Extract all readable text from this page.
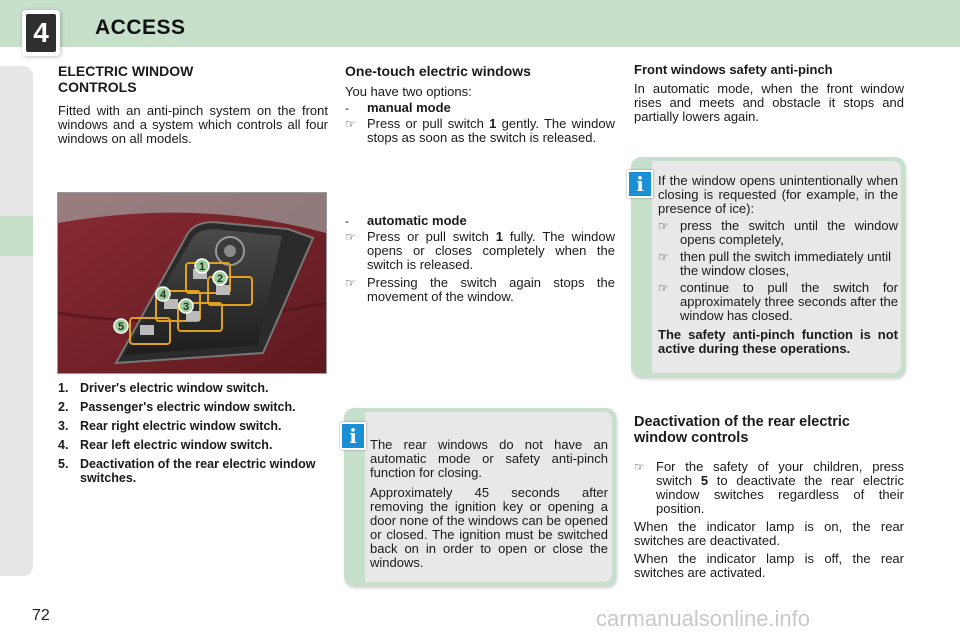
4	ACCESS
ELECTRIC WINDOW
CONTROLS

Fitted with an anti-pinch system on the front windows and a system which controls all four windows on all models.

1
2
3
4
5
1. Driver's electric window switch.
2. Passenger's electric window switch.
3. Rear right electric window switch.
4. Rear left electric window switch.
5. Deactivation of the rear electric window switches.
One-touch electric windows

You have two options:

-	manual mode
☞ Press or pull switch 1 gently. The window stops as soon as the switch is released.

-	automatic mode
☞ Press or pull switch 1 fully. The window opens or closes completely when the switch is released.

☞ Pressing the switch again stops the movement of the window.

i	The rear windows do not have an automatic mode or safety anti-pinch function for closing.

Approximately 45 seconds after removing the ignition key or opening a door none of the windows can be opened or closed. The ignition must be switched back on in order to open or close the windows.

Front windows safety anti-pinch

In automatic mode, when the front window rises and meets and obstacle it stops and partially lowers again.

i	If the window opens unintentionally when closing is requested (for example, in the presence of ice):

☞ press the switch until the window opens completely,

☞ then pull the switch immediately until the window closes,

☞ continue to pull the switch for approximately three seconds after the window has closed.

The safety anti-pinch function is not active during these operations.

Deactivation of the rear electric
window controls
☞ For the safety of your children, press switch 5 to deactivate the rear electric window switches regardless of their position.

When the indicator lamp is on, the rear switches are deactivated.

When the indicator lamp is off, the rear switches are activated.

72	carmanualsonline.info
